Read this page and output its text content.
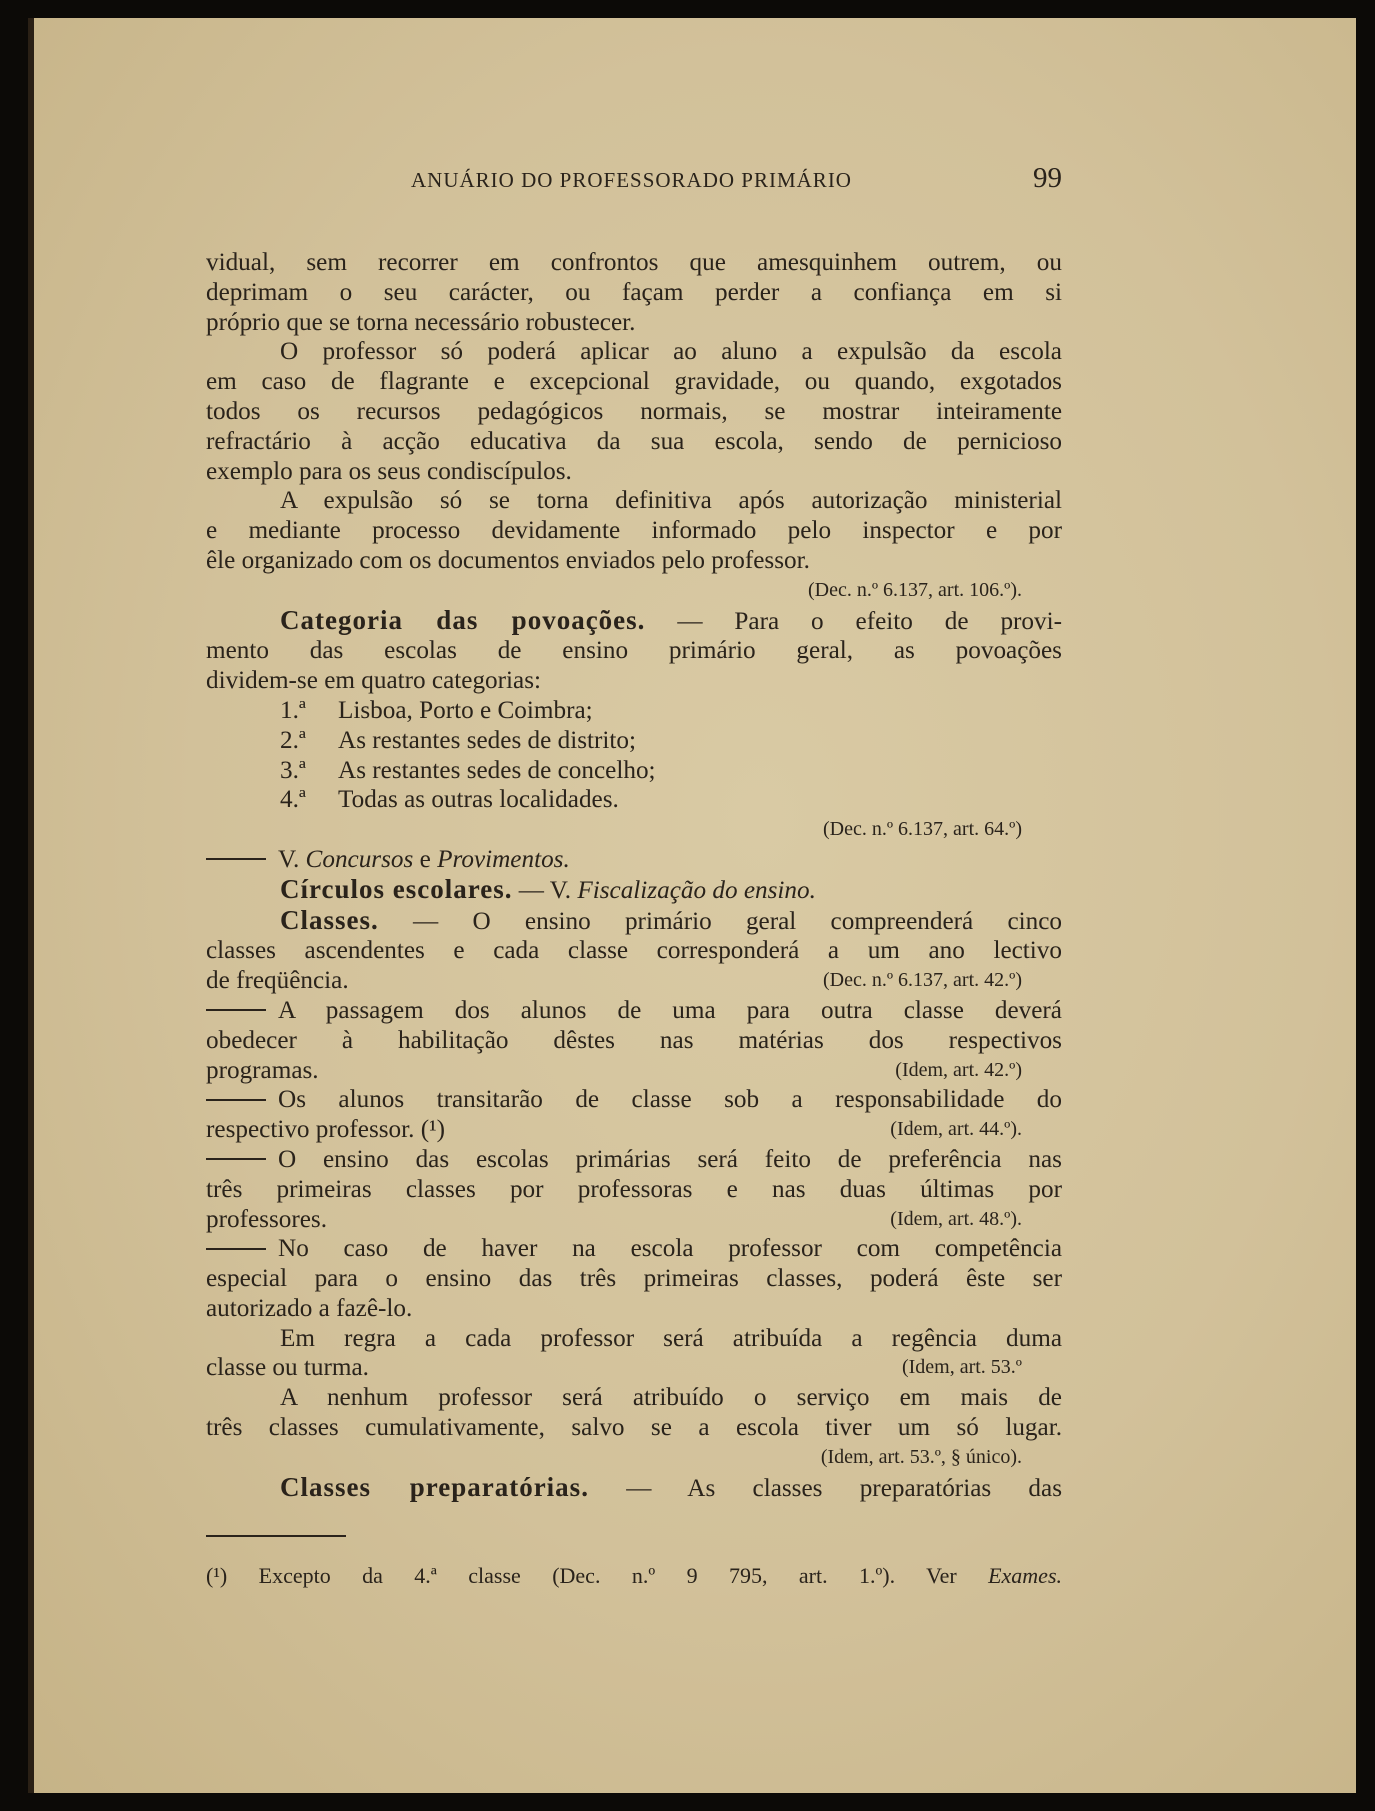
ANUÁRIO DO PROFESSORADO PRIMÁRIO	99

vidual, sem recorrer em confrontos que amesquinhem outrem, ou

deprimam o seu carácter, ou façam perder a confiança em si

próprio que se torna necessário robustecer.

O professor só poderá aplicar ao aluno a expulsão da escola

em caso de flagrante e excepcional gravidade, ou quando, exgotados

todos os recursos pedagógicos normais, se mostrar inteiramente

refractário à acção educativa da sua escola, sendo de pernicioso

exemplo para os seus condiscípulos.

A expulsão só se torna definitiva após autorização ministerial

e mediante processo devidamente informado pelo inspector e por

êle organizado com os documentos enviados pelo professor.

(Dec. n.º 6.137, art. 106.º).

Categoria das povoações. — Para o efeito de provi-

mento das escolas de ensino primário geral, as povoações

dividem-se em quatro categorias:

1.ª Lisboa, Porto e Coimbra;

2.ª As restantes sedes de distrito;

3.ª As restantes sedes de concelho;

4.ª Todas as outras localidades.

(Dec. n.º 6.137, art. 64.º)

V. Concursos e Provimentos.

Círculos escolares. — V. Fiscalização do ensino.

Classes. — O ensino primário geral compreenderá cinco

classes ascendentes e cada classe corresponderá a um ano lectivo

de freqüência.	(Dec. n.º 6.137, art. 42.º)

A passagem dos alunos de uma para outra classe deverá

obedecer à habilitação dêstes nas matérias dos respectivos

programas.	(Idem, art. 42.º)

Os alunos transitarão de classe sob a responsabilidade do

respectivo professor. (¹)	(Idem, art. 44.º).

O ensino das escolas primárias será feito de preferência nas

três primeiras classes por professoras e nas duas últimas por

professores.	(Idem, art. 48.º).

No caso de haver na escola professor com competência

especial para o ensino das três primeiras classes, poderá êste ser

autorizado a fazê-lo.

Em regra a cada professor será atribuída a regência duma

classe ou turma.	(Idem, art. 53.º

A nenhum professor será atribuído o serviço em mais de

três classes cumulativamente, salvo se a escola tiver um só lugar.

(Idem, art. 53.º, § único).

Classes preparatórias. — As classes preparatórias das

(¹) Excepto da 4.ª classe (Dec. n.º 9 795, art. 1.º). Ver Exames.
